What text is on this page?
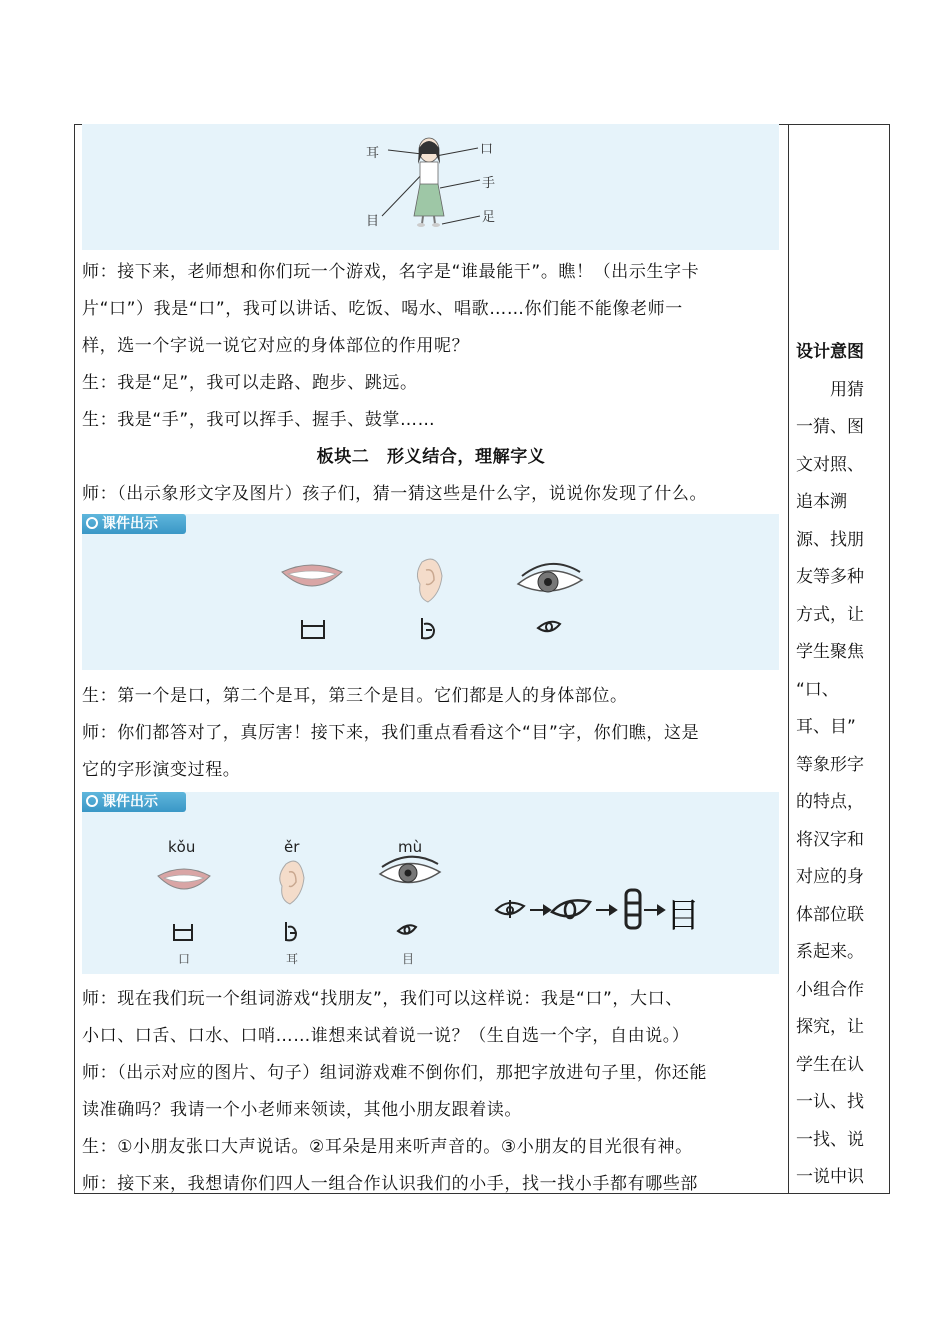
耳	口
手
目	足
师：接下来，老师想和你们玩一个游戏，名字是“谁最能干”。瞧！（出示生字卡
片“口”）我是“口”，我可以讲话、吃饭、喝水、唱歌……你们能不能像老师一
样，选一个字说一说它对应的身体部位的作用呢？
生：我是“足”，我可以走路、跑步、跳远。
生：我是“手”，我可以挥手、握手、鼓掌……
板块二　形义结合，理解字义
师：（出示象形文字及图片）孩子们，猜一猜这些是什么字，说说你发现了什么。
课件出示
生：第一个是口，第二个是耳，第三个是目。它们都是人的身体部位。
师：你们都答对了，真厉害！接下来，我们重点看看这个“目”字，你们瞧，这是
它的字形演变过程。
课件出示
kǒu	ěr	mù
目
口	耳	目
师：现在我们玩一个组词游戏“找朋友”，我们可以这样说：我是“口”，大口、
小口、口舌、口水、口哨……谁想来试着说一说？（生自选一个字，自由说。）
师：（出示对应的图片、句子）组词游戏难不倒你们，那把字放进句子里，你还能
读准确吗？我请一个小老师来领读，其他小朋友跟着读。
生：①小朋友张口大声说话。②耳朵是用来听声音的。③小朋友的目光很有神。
师：接下来，我想请你们四人一组合作认识我们的小手，找一找小手都有哪些部
设计意图
用猜
一猜、图
文对照、
追本溯
源、找朋
友等多种
方式，让
学生聚焦
“口、
耳、目”
等象形字
的特点，
将汉字和
对应的身
体部位联
系起来。
小组合作
探究，让
学生在认
一认、找
一找、说
一说中识
